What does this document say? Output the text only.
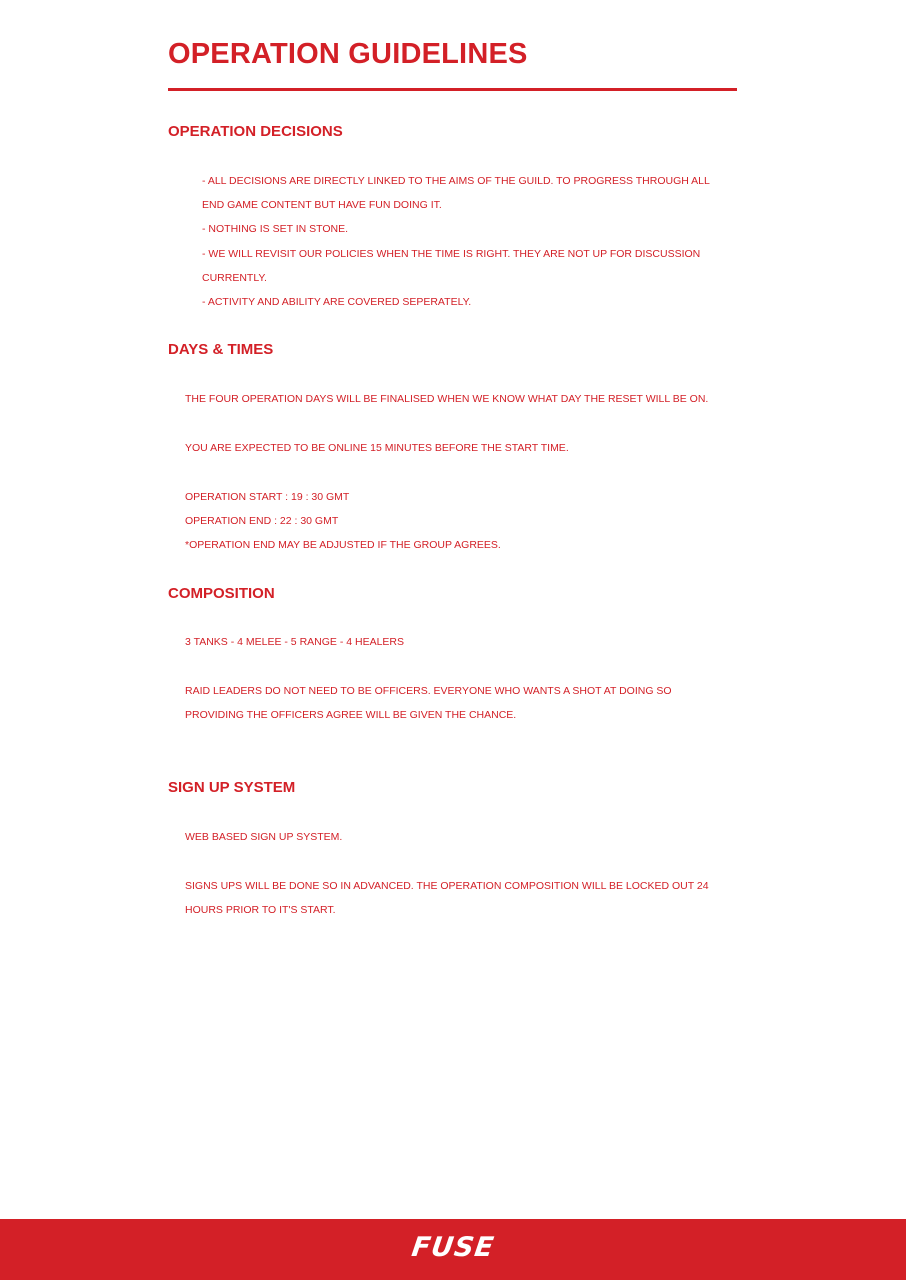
OPERATION GUIDELINES
OPERATION DECISIONS

- ALL DECISIONS ARE DIRECTLY LINKED TO THE AIMS OF THE GUILD. TO PROGRESS THROUGH ALL

END GAME CONTENT BUT HAVE FUN DOING IT.

- NOTHING IS SET IN STONE.

- WE WILL REVISIT OUR POLICIES WHEN THE TIME IS RIGHT. THEY ARE NOT UP FOR DISCUSSION

CURRENTLY.

- ACTIVITY AND ABILITY ARE COVERED SEPERATELY.

DAYS & TIMES

THE FOUR OPERATION DAYS WILL BE FINALISED WHEN WE KNOW WHAT DAY THE RESET WILL BE ON.

YOU ARE EXPECTED TO BE ONLINE 15 MINUTES BEFORE THE START TIME.

OPERATION START : 19 : 30 GMT

OPERATION END : 22 : 30 GMT

*OPERATION END MAY BE ADJUSTED IF THE GROUP AGREES.

COMPOSITION

3 TANKS - 4 MELEE - 5 RANGE - 4 HEALERS

RAID LEADERS DO NOT NEED TO BE OFFICERS. EVERYONE WHO WANTS A SHOT AT DOING SO

PROVIDING THE OFFICERS AGREE WILL BE GIVEN THE CHANCE.

SIGN UP SYSTEM

WEB BASED SIGN UP SYSTEM.

SIGNS UPS WILL BE DONE SO IN ADVANCED. THE OPERATION COMPOSITION WILL BE LOCKED OUT 24

HOURS PRIOR TO IT'S START.

FUSE
